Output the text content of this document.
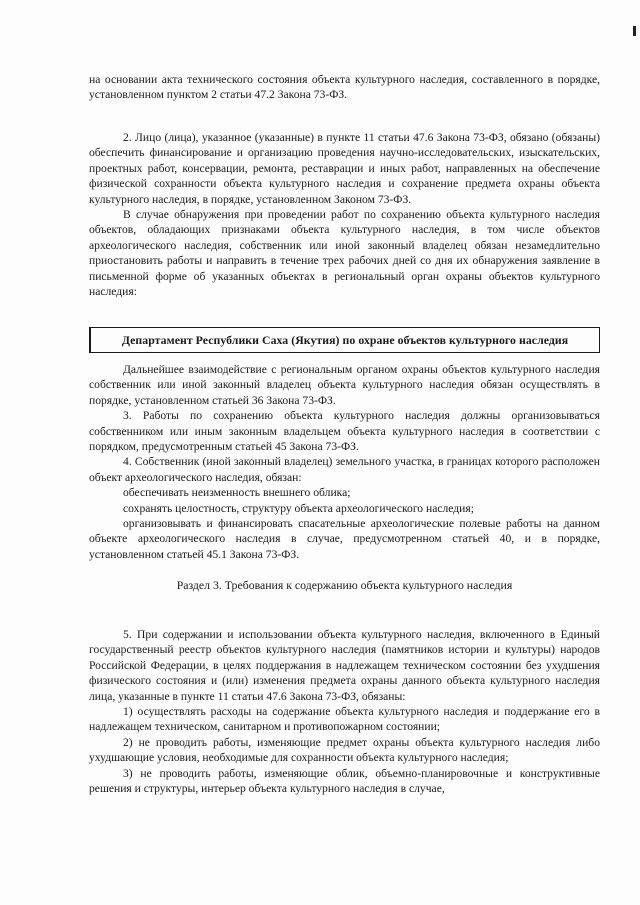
на основании акта технического состояния объекта культурного наследия, составленного в порядке, установленном пунктом 2 статьи 47.2 Закона 73-ФЗ.

2. Лицо (лица), указанное (указанные) в пункте 11 статьи 47.6 Закона 73-ФЗ, обязано (обязаны) обеспечить финансирование и организацию проведения научно-исследовательских, изыскательских, проектных работ, консервации, ремонта, реставрации и иных работ, направленных на обеспечение физической сохранности объекта культурного наследия и сохранение предмета охраны объекта культурного наследия, в порядке, установленном Законом 73-ФЗ.

В случае обнаружения при проведении работ по сохранению объекта культурного наследия объектов, обладающих признаками объекта культурного наследия, в том числе объектов археологического наследия, собственник или иной законный владелец обязан незамедлительно приостановить работы и направить в течение трех рабочих дней со дня их обнаружения заявление в письменной форме об указанных объектах в региональный орган охраны объектов культурного наследия:

Департамент Республики Саха (Якутия) по охране объектов культурного наследия

Дальнейшее взаимодействие с региональным органом охраны объектов культурного наследия собственник или иной законный владелец объекта культурного наследия обязан осуществлять в порядке, установленном статьей 36 Закона 73-ФЗ.

3. Работы по сохранению объекта культурного наследия должны организовываться собственником или иным законным владельцем объекта культурного наследия в соответствии с порядком, предусмотренным статьей 45 Закона 73-ФЗ.

4. Собственник (иной законный владелец) земельного участка, в границах которого расположен объект археологического наследия, обязан:

обеспечивать неизменность внешнего облика;

сохранять целостность, структуру объекта археологического наследия;

организовывать и финансировать спасательные археологические полевые работы на данном объекте археологического наследия в случае, предусмотренном статьей 40, и в порядке, установленном статьей 45.1 Закона 73-ФЗ.

Раздел 3. Требования к содержанию объекта культурного наследия

5. При содержании и использовании объекта культурного наследия, включенного в Единый государственный реестр объектов культурного наследия (памятников истории и культуры) народов Российской Федерации, в целях поддержания в надлежащем техническом состоянии без ухудшения физического состояния и (или) изменения предмета охраны данного объекта культурного наследия лица, указанные в пункте 11 статьи 47.6 Закона 73-ФЗ, обязаны:

1) осуществлять расходы на содержание объекта культурного наследия и поддержание его в надлежащем техническом, санитарном и противопожарном состоянии;

2) не проводить работы, изменяющие предмет охраны объекта культурного наследия либо ухудшающие условия, необходимые для сохранности объекта культурного наследия;

3) не проводить работы, изменяющие облик, объемно-планировочные и конструктивные решения и структуры, интерьер объекта культурного наследия в случае,
